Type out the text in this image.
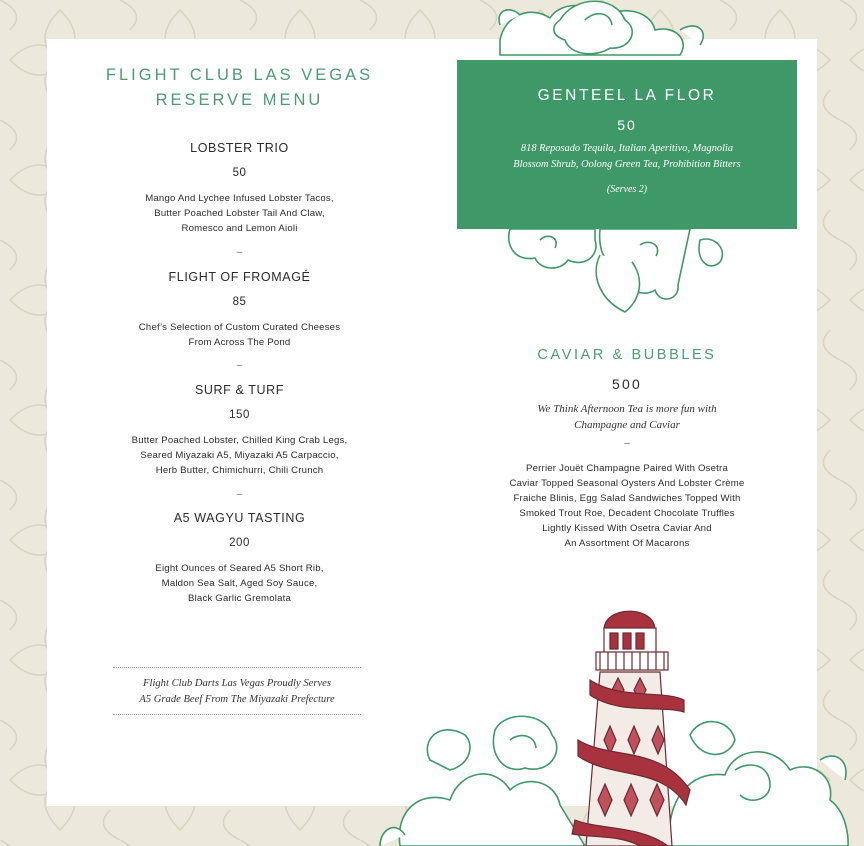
FLIGHT CLUB LAS VEGAS
RESERVE MENU
LOBSTER TRIO
50
Mango And Lychee Infused Lobster Tacos,
Butter Poached Lobster Tail And Claw,
Romesco and Lemon Aioli
–
FLIGHT OF FROMAGÉ
85
Chef’s Selection of Custom Curated Cheeses
From Across The Pond
–
SURF & TURF
150
Butter Poached Lobster, Chilled King Crab Legs,
Seared Miyazaki A5, Miyazaki A5 Carpaccio,
Herb Butter, Chimichurri, Chili Crunch
–
A5 WAGYU TASTING
200
Eight Ounces of Seared A5 Short Rib,
Maldon Sea Salt, Aged Soy Sauce,
Black Garlic Gremolata
Flight Club Darts Las Vegas Proudly Serves
A5 Grade Beef From The Miyazaki Prefecture
GENTEEL LA FLOR
50
818 Reposado Tequila, Italian Aperitivo, Magnolia
Blossom Shrub, Oolong Green Tea, Prohibition Bitters
(Serves 2)
CAVIAR & BUBBLES
500
We Think Afternoon Tea is more fun with
Champagne and Caviar
–
Perrier Jouët Champagne Paired With Osetra
Caviar Topped Seasonal Oysters And Lobster Crème
Fraiche Blinis, Egg Salad Sandwiches Topped With
Smoked Trout Roe, Decadent Chocolate Truffles
Lightly Kissed With Osetra Caviar And
An Assortment Of Macarons
